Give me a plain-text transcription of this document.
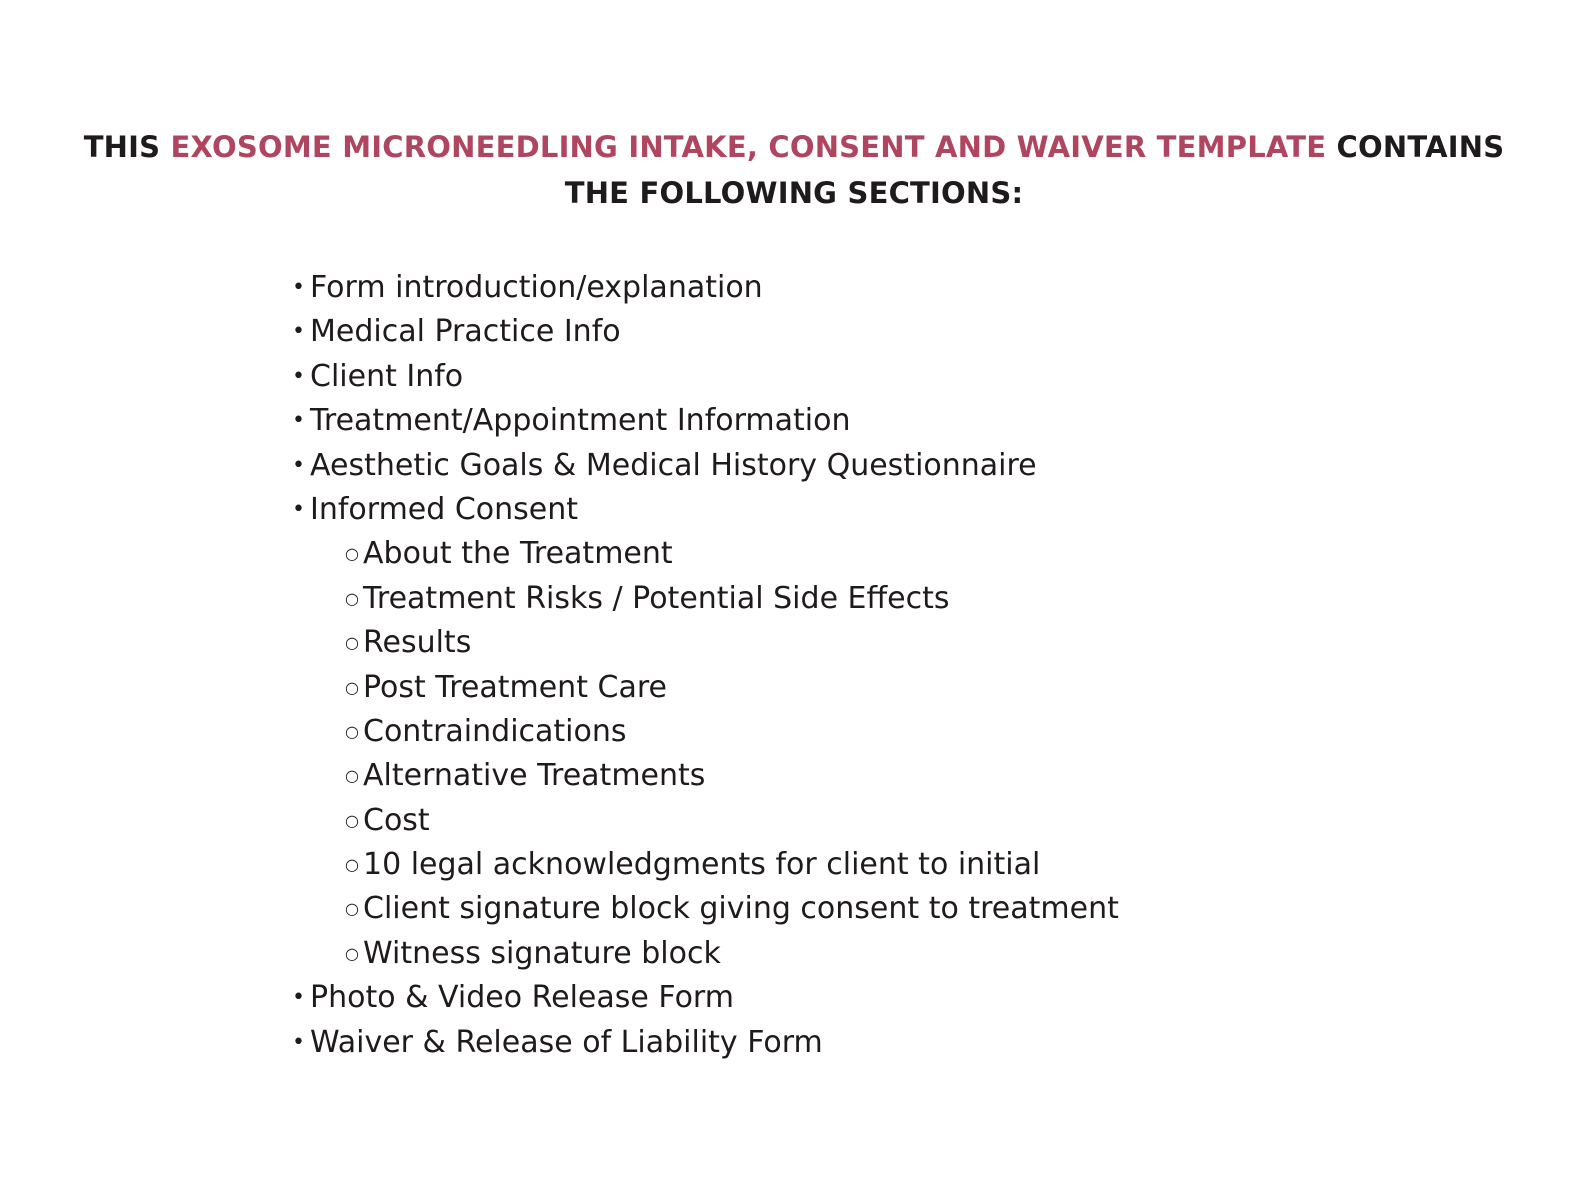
THIS EXOSOME MICRONEEDLING INTAKE, CONSENT AND WAIVER TEMPLATE CONTAINS THE FOLLOWING SECTIONS:
• Form introduction/explanation
• Medical Practice Info
• Client Info
• Treatment/Appointment Information
• Aesthetic Goals & Medical History Questionnaire
• Informed Consent
○ About the Treatment
○ Treatment Risks / Potential Side Effects
○ Results
○ Post Treatment Care
○ Contraindications
○ Alternative Treatments
○ Cost
○ 10 legal acknowledgments for client to initial
○ Client signature block giving consent to treatment
○ Witness signature block
• Photo & Video Release Form
• Waiver & Release of Liability Form
